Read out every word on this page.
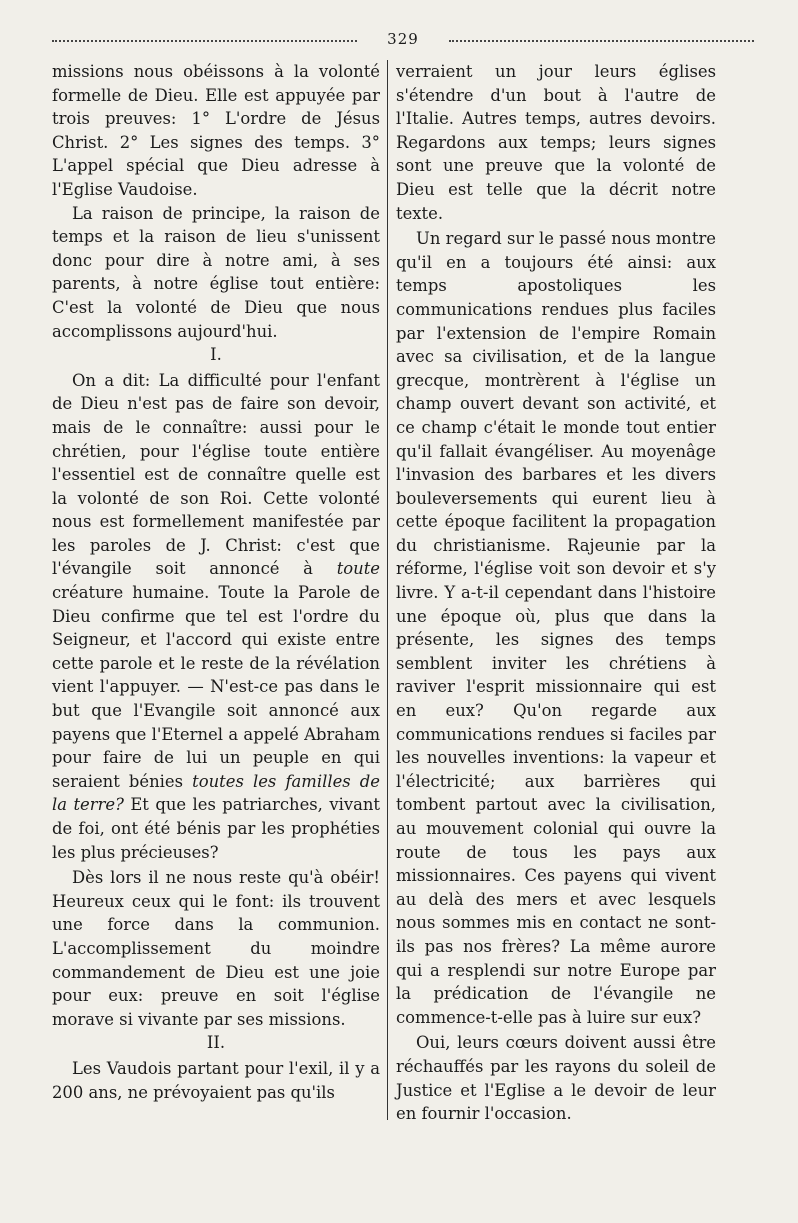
329

missions nous obéissons à la volonté formelle de Dieu. Elle est appuyée par trois preuves: 1° L'ordre de Jésus Christ. 2° Les signes des temps. 3° L'appel spécial que Dieu adresse à l'Eglise Vaudoise.

La raison de principe, la raison de temps et la raison de lieu s'unissent donc pour dire à notre ami, à ses parents, à notre église tout entière: C'est la volonté de Dieu que nous accomplissons aujourd'hui.

I.

On a dit: La difficulté pour l'enfant de Dieu n'est pas de faire son devoir, mais de le connaître: aussi pour le chrétien, pour l'église toute entière l'essentiel est de connaître quelle est la volonté de son Roi. Cette volonté nous est formellement manifestée par les paroles de J. Christ: c'est que l'évangile soit annoncé à toute créature humaine. Toute la Parole de Dieu confirme que tel est l'ordre du Seigneur, et l'accord qui existe entre cette parole et le reste de la révélation vient l'appuyer. — N'est-ce pas dans le but que l'Evangile soit annoncé aux payens que l'Eternel a appelé Abraham pour faire de lui un peuple en qui seraient bénies toutes les familles de la terre? Et que les patriarches, vivant de foi, ont été bénis par les prophéties les plus précieuses?

Dès lors il ne nous reste qu'à obéir! Heureux ceux qui le font: ils trouvent une force dans la communion. L'accomplissement du moindre commandement de Dieu est une joie pour eux: preuve en soit l'église morave si vivante par ses missions.

II.

Les Vaudois partant pour l'exil, il y a 200 ans, ne prévoyaient pas qu'ils

verraient un jour leurs églises s'étendre d'un bout à l'autre de l'Italie. Autres temps, autres devoirs. Regardons aux temps; leurs signes sont une preuve que la volonté de Dieu est telle que la décrit notre texte.

Un regard sur le passé nous montre qu'il en a toujours été ainsi: aux temps apostoliques les communications rendues plus faciles par l'extension de l'empire Romain avec sa civilisation, et de la langue grecque, montrèrent à l'église un champ ouvert devant son activité, et ce champ c'était le monde tout entier qu'il fallait évangéliser. Au moyenâge l'invasion des barbares et les divers bouleversements qui eurent lieu à cette époque facilitent la propagation du christianisme. Rajeunie par la réforme, l'église voit son devoir et s'y livre. Y a-t-il cependant dans l'histoire une époque où, plus que dans la présente, les signes des temps semblent inviter les chrétiens à raviver l'esprit missionnaire qui est en eux? Qu'on regarde aux communications rendues si faciles par les nouvelles inventions: la vapeur et l'électricité; aux barrières qui tombent partout avec la civilisation, au mouvement colonial qui ouvre la route de tous les pays aux missionnaires. Ces payens qui vivent au delà des mers et avec lesquels nous sommes mis en contact ne sont-ils pas nos frères? La même aurore qui a resplendi sur notre Europe par la prédication de l'évangile ne commence-t-elle pas à luire sur eux?

Oui, leurs cœurs doivent aussi être réchauffés par les rayons du soleil de Justice et l'Eglise a le devoir de leur en fournir l'occasion.
